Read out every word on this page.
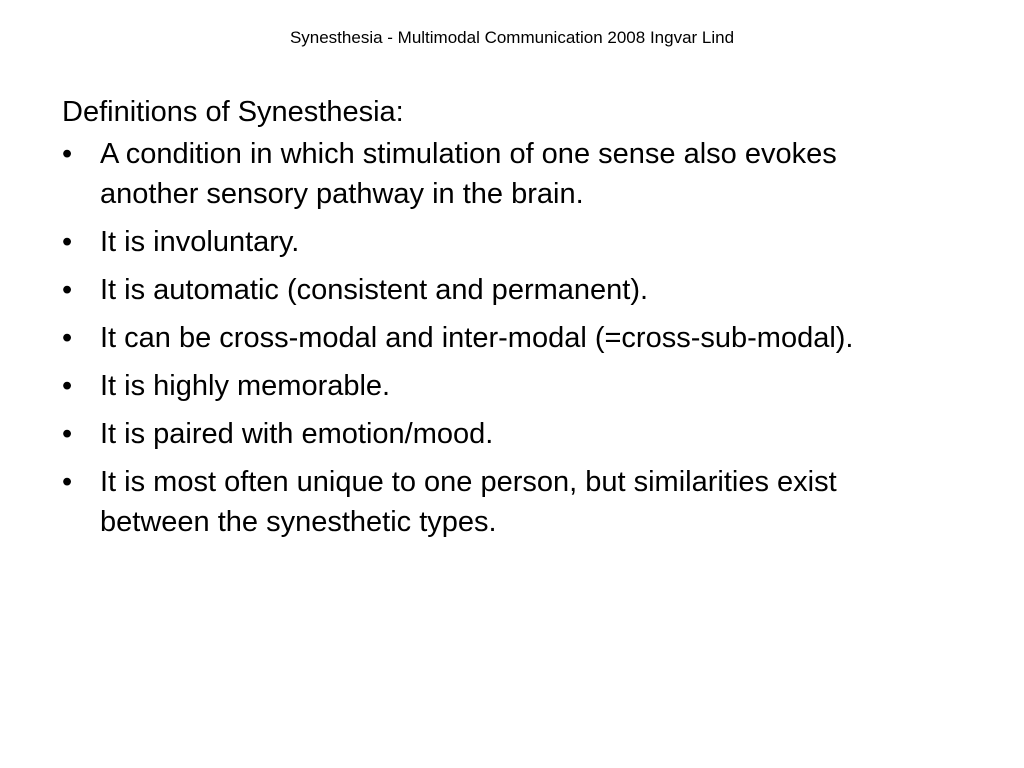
Synesthesia - Multimodal Communication 2008 Ingvar Lind
Definitions of Synesthesia:
• A condition in which stimulation of one sense also evokes another sensory pathway in the brain.
• It is involuntary.
• It is automatic (consistent and permanent).
• It can be cross-modal and inter-modal (=cross-sub-modal).
• It is highly memorable.
• It is paired with emotion/mood.
• It is most often unique to one person, but similarities exist between the synesthetic types.
